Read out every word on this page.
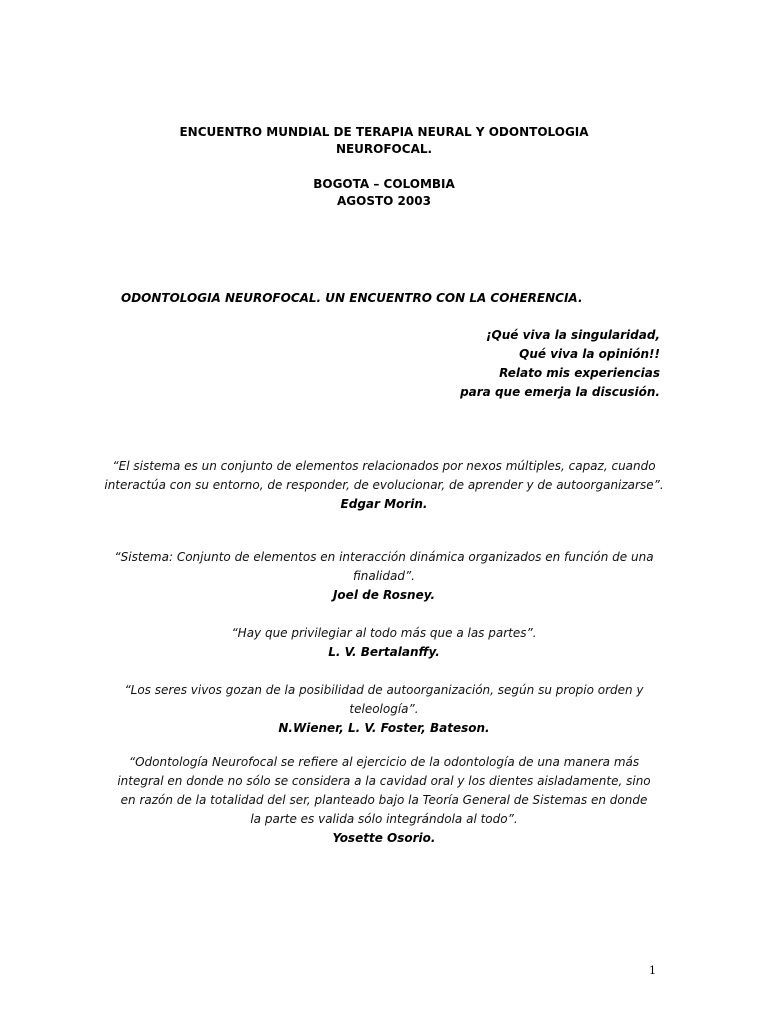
ENCUENTRO MUNDIAL DE TERAPIA NEURAL Y ODONTOLOGIA
NEUROFOCAL.
BOGOTA – COLOMBIA
AGOSTO 2003
ODONTOLOGIA NEUROFOCAL. UN ENCUENTRO CON LA COHERENCIA.
¡Qué viva la singularidad,
Qué viva la opinión!!
Relato mis experiencias
para que emerja la discusión.
“El sistema es un conjunto de elementos relacionados por nexos múltiples, capaz, cuando interactúa con su entorno, de responder, de evolucionar, de aprender y de autoorganizarse”.
Edgar Morin.
“Sistema: Conjunto de elementos en interacción dinámica organizados en función de una finalidad”.
Joel de Rosney.
“Hay que privilegiar al todo más que a las partes”.
L. V. Bertalanffy.
“Los seres vivos gozan de la posibilidad de autoorganización, según su propio orden y teleología”.
N.Wiener, L. V. Foster, Bateson.
“Odontología Neurofocal se refiere al ejercicio de la odontología de una manera más integral en donde no sólo se considera a la cavidad oral y los dientes aisladamente, sino en razón de la totalidad del ser, planteado bajo la Teoría General de Sistemas en donde la parte es valida sólo integrándola al todo”.
Yosette Osorio.
1
